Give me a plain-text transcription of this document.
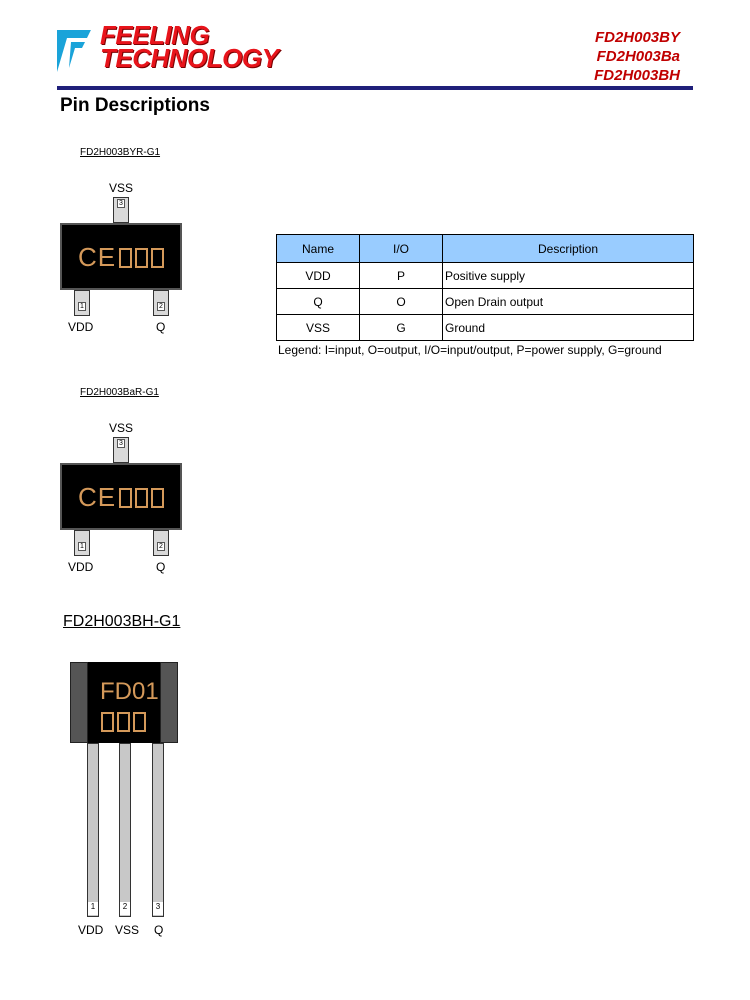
FEELING
TECHNOLOGY
FD2H003BY
FD2H003Ba
FD2H003BH
Pin Descriptions
FD2H003BYR-G1
VSS
3
CE
1	2
VDD	Q
Name	I/O	Description
VDD	P	Positive supply
Q	O	Open Drain output
VSS	G	Ground
Legend: I=input, O=output, I/O=input/output, P=power supply, G=ground
FD2H003BaR-G1
VSS
3
CE
1	2
VDD	Q
FD2H003BH-G1
FD01
1	2	3
VDD VSS Q
